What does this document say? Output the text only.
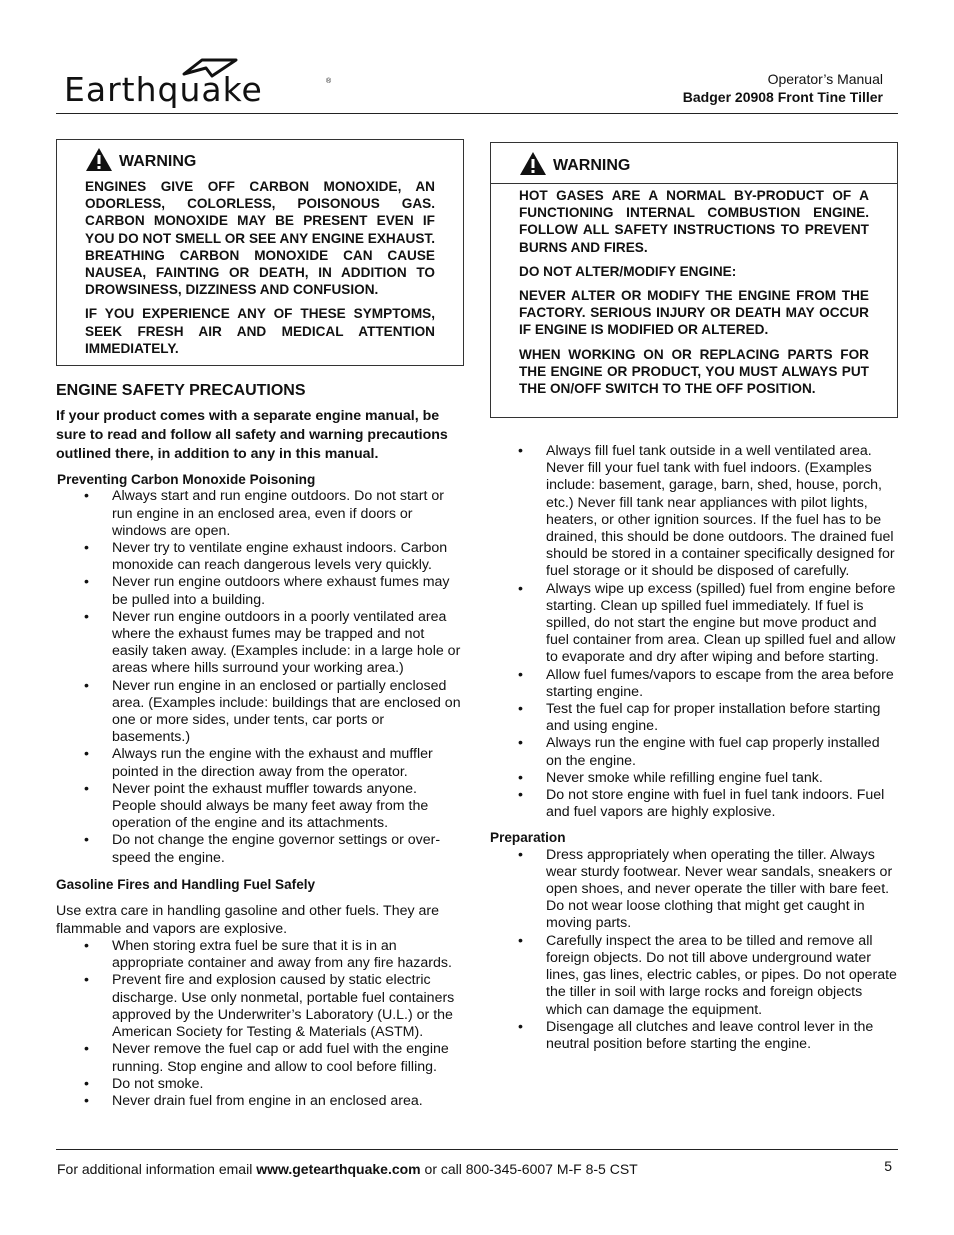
Earthquake	®	Operator’s Manual
Badger 20908 Front Tine Tiller
WARNING

ENGINES GIVE OFF CARBON MONOXIDE, AN ODORLESS, COLORLESS, POISONOUS GAS. CARBON MONOXIDE MAY BE PRESENT EVEN IF YOU DO NOT SMELL OR SEE ANY ENGINE EXHAUST. BREATHING CARBON MONOXIDE CAN CAUSE NAUSEA, FAINTING OR DEATH, IN ADDITION TO DROWSINESS, DIZZINESS AND CONFUSION.

IF YOU EXPERIENCE ANY OF THESE SYMPTOMS, SEEK FRESH AIR AND MEDICAL ATTENTION IMMEDIATELY.

ENGINE SAFETY PRECAUTIONS

If your product comes with a separate engine manual, be sure to read and follow all safety and warning precautions outlined there, in addition to any in this manual.

Preventing Carbon Monoxide Poisoning

• Always start and run engine outdoors. Do not start or run engine in an enclosed area, even if doors or windows are open.
• Never try to ventilate engine exhaust indoors. Carbon monoxide can reach dangerous levels very quickly.
• Never run engine outdoors where exhaust fumes may be pulled into a building.
• Never run engine outdoors in a poorly ventilated area where the exhaust fumes may be trapped and not easily taken away. (Examples include: in a large hole or areas where hills surround your working area.)
• Never run engine in an enclosed or partially enclosed area. (Examples include: buildings that are enclosed on one or more sides, under tents, car ports or basements.)
• Always run the engine with the exhaust and muffler pointed in the direction away from the operator.
• Never point the exhaust muffler towards anyone. People should always be many feet away from the operation of the engine and its attachments.
• Do not change the engine governor settings or over-speed the engine.

Gasoline Fires and Handling Fuel Safely

Use extra care in handling gasoline and other fuels. They are flammable and vapors are explosive.

• When storing extra fuel be sure that it is in an appropriate container and away from any fire hazards.
• Prevent fire and explosion caused by static electric discharge. Use only nonmetal, portable fuel containers approved by the Underwriter’s Laboratory (U.L.) or the American Society for Testing & Materials (ASTM).
• Never remove the fuel cap or add fuel with the engine running. Stop engine and allow to cool before filling.
• Do not smoke.
• Never drain fuel from engine in an enclosed area.
WARNING

HOT GASES ARE A NORMAL BY-PRODUCT OF A FUNCTIONING INTERNAL COMBUSTION ENGINE. FOLLOW ALL SAFETY INSTRUCTIONS TO PREVENT BURNS AND FIRES.

DO NOT ALTER/MODIFY ENGINE:

NEVER ALTER OR MODIFY THE ENGINE FROM THE FACTORY. SERIOUS INJURY OR DEATH MAY OCCUR IF ENGINE IS MODIFIED OR ALTERED.

WHEN WORKING ON OR REPLACING PARTS FOR THE ENGINE OR PRODUCT, YOU MUST ALWAYS PUT THE ON/OFF SWITCH TO THE OFF POSITION.

• Always fill fuel tank outside in a well ventilated area. Never fill your fuel tank with fuel indoors. (Examples include: basement, garage, barn, shed, house, porch, etc.) Never fill tank near appliances with pilot lights, heaters, or other ignition sources. If the fuel has to be drained, this should be done outdoors. The drained fuel should be stored in a container specifically designed for fuel storage or it should be disposed of carefully.
• Always wipe up excess (spilled) fuel from engine before starting. Clean up spilled fuel immediately. If fuel is spilled, do not start the engine but move product and fuel container from area. Clean up spilled fuel and allow to evaporate and dry after wiping and before starting.
• Allow fuel fumes/vapors to escape from the area before starting engine.
• Test the fuel cap for proper installation before starting and using engine.
• Always run the engine with fuel cap properly installed on the engine.
• Never smoke while refilling engine fuel tank.
• Do not store engine with fuel in fuel tank indoors. Fuel and fuel vapors are highly explosive.

Preparation

• Dress appropriately when operating the tiller. Always wear sturdy footwear. Never wear sandals, sneakers or open shoes, and never operate the tiller with bare feet. Do not wear loose clothing that might get caught in moving parts.
• Carefully inspect the area to be tilled and remove all foreign objects. Do not till above underground water lines, gas lines, electric cables, or pipes. Do not operate the tiller in soil with large rocks and foreign objects which can damage the equipment.
• Disengage all clutches and leave control lever in the neutral position before starting the engine.
For additional information email www.getearthquake.com or call 800-345-6007 M-F 8-5 CST	5
